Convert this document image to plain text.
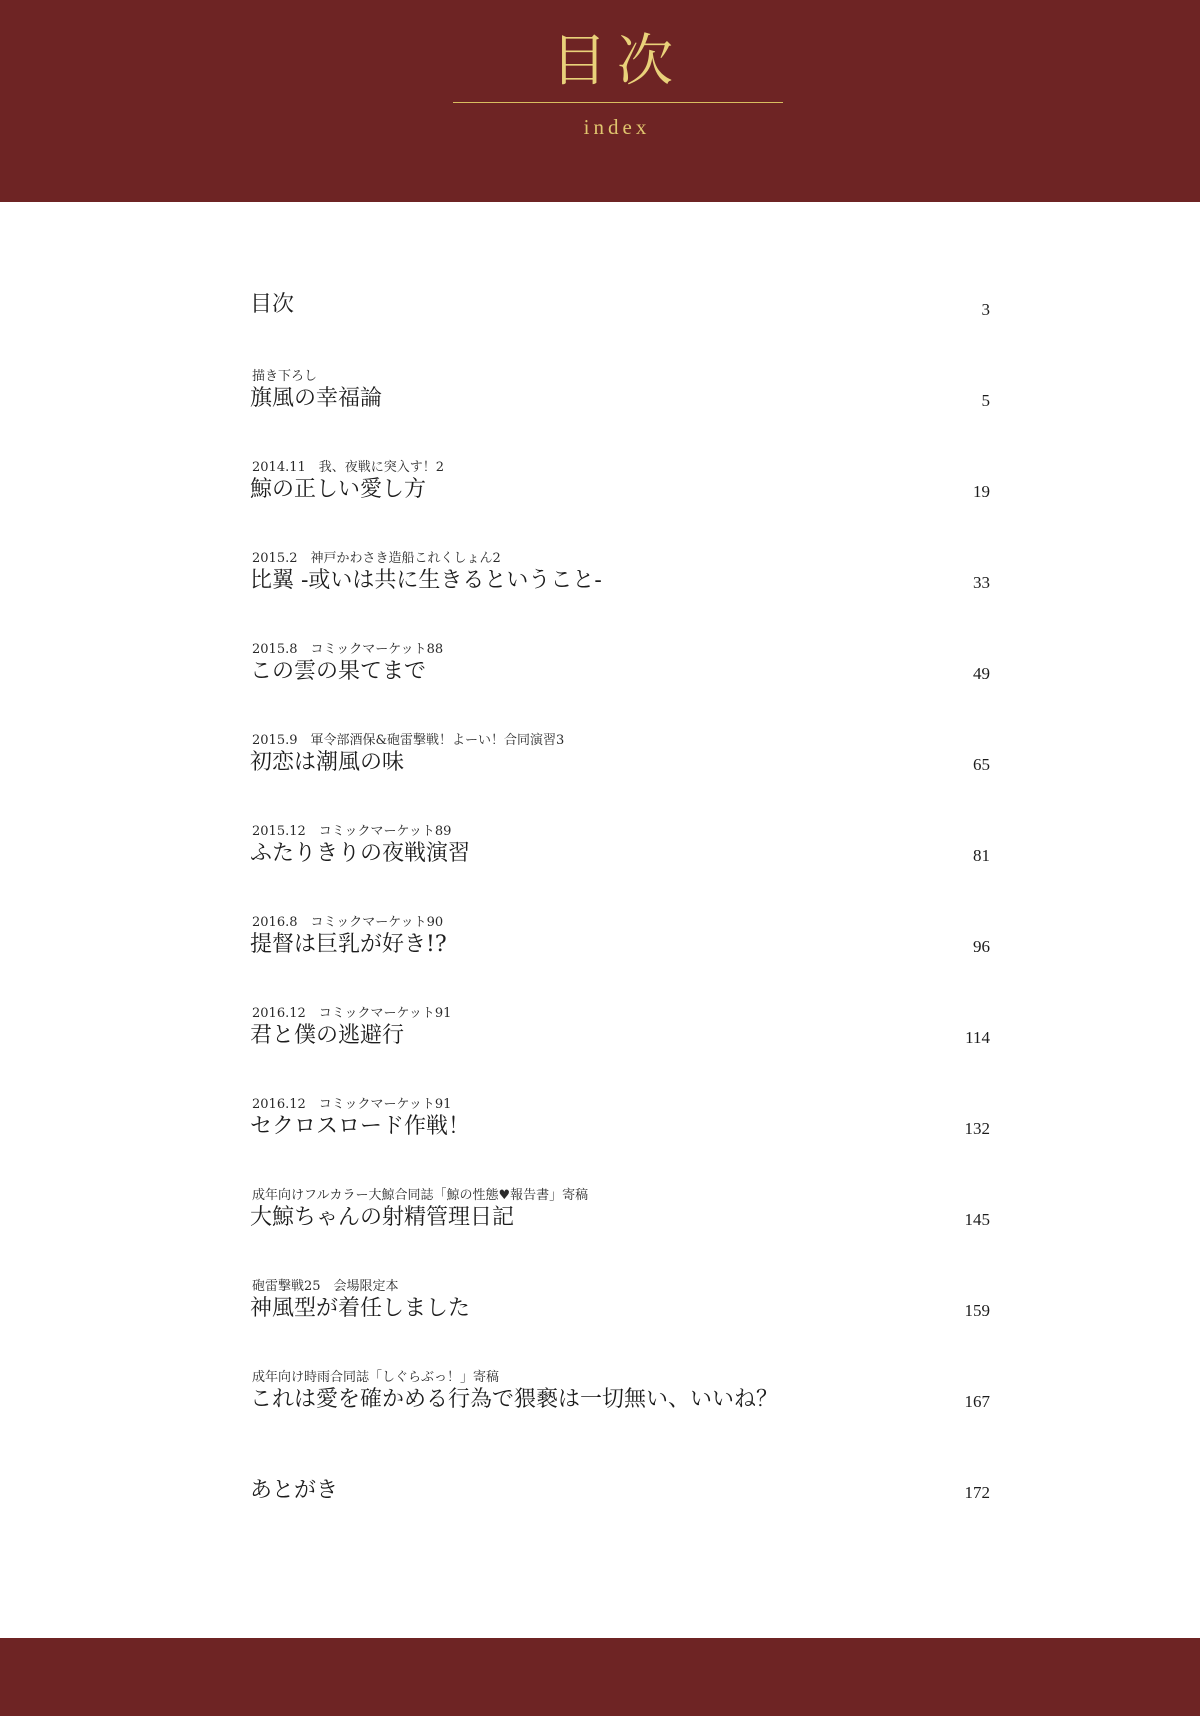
目次
index
目次	3
描き下ろし
旗風の幸福論	5
2014.11　我、夜戦に突入す！2
鯨の正しい愛し方	19
2015.2　神戸かわさき造船これくしょん2
比翼 -或いは共に生きるということ-	33
2015.8　コミックマーケット88
この雲の果てまで	49
2015.9　軍令部酒保&砲雷撃戦！よーい！合同演習3
初恋は潮風の味	65
2015.12　コミックマーケット89
ふたりきりの夜戦演習	81
2016.8　コミックマーケット90
提督は巨乳が好き!?	96
2016.12　コミックマーケット91
君と僕の逃避行	114
2016.12　コミックマーケット91
セクロスロード作戦！	132
成年向けフルカラー大鯨合同誌「鯨の性態♥報告書」寄稿
大鯨ちゃんの射精管理日記	145
砲雷撃戦25　会場限定本
神風型が着任しました	159
成年向け時雨合同誌「しぐらぶっ！」寄稿
これは愛を確かめる行為で猥褻は一切無い、いいね？	167
あとがき	172
